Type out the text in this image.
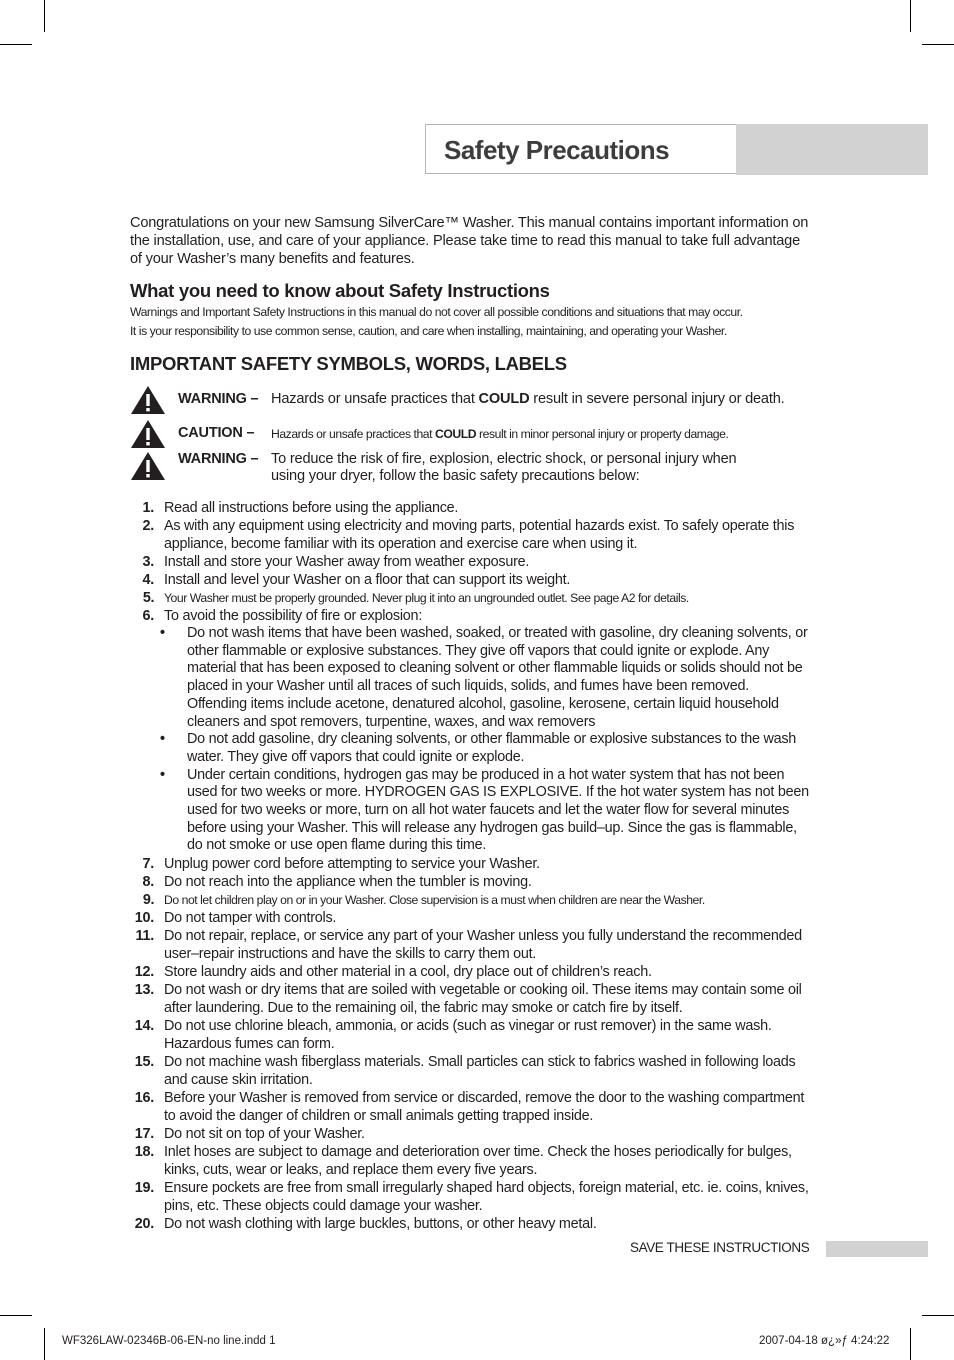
Safety Precautions
Congratulations on your new Samsung SilverCare™ Washer. This manual contains important information on the installation, use, and care of your appliance. Please take time to read this manual to take full advantage of your Washer’s many benefits and features.
What you need to know about Safety Instructions
Warnings and Important Safety Instructions in this manual do not cover all possible conditions and situations that may occur.
It is your responsibility to use common sense, caution, and care when installing, maintaining, and operating your Washer.
IMPORTANT SAFETY SYMBOLS, WORDS, LABELS
WARNING – Hazards or unsafe practices that COULD result in severe personal injury or death.
CAUTION – Hazards or unsafe practices that COULD result in minor personal injury or property damage.
WARNING – To reduce the risk of fire, explosion, electric shock, or personal injury when
using your dryer, follow the basic safety precautions below:
1. Read all instructions before using the appliance.
2. As with any equipment using electricity and moving parts, potential hazards exist. To safely operate this appliance, become familiar with its operation and exercise care when using it.
3. Install and store your Washer away from weather exposure.
4. Install and level your Washer on a floor that can support its weight.
5. Your Washer must be properly grounded. Never plug it into an ungrounded outlet. See page A2 for details.
6. To avoid the possibility of fire or explosion:
• Do not wash items that have been washed, soaked, or treated with gasoline, dry cleaning solvents, or other flammable or explosive substances. They give off vapors that could ignite or explode. Any material that has been exposed to cleaning solvent or other flammable liquids or solids should not be placed in your Washer until all traces of such liquids, solids, and fumes have been removed. Offending items include acetone, denatured alcohol, gasoline, kerosene, certain liquid household cleaners and spot removers, turpentine, waxes, and wax removers
• Do not add gasoline, dry cleaning solvents, or other flammable or explosive substances to the wash water. They give off vapors that could ignite or explode.
• Under certain conditions, hydrogen gas may be produced in a hot water system that has not been used for two weeks or more. HYDROGEN GAS IS EXPLOSIVE. If the hot water system has not been used for two weeks or more, turn on all hot water faucets and let the water flow for several minutes before using your Washer. This will release any hydrogen gas build–up. Since the gas is flammable, do not smoke or use open flame during this time.
7. Unplug power cord before attempting to service your Washer.
8. Do not reach into the appliance when the tumbler is moving.
9. Do not let children play on or in your Washer. Close supervision is a must when children are near the Washer.
10. Do not tamper with controls.
11. Do not repair, replace, or service any part of your Washer unless you fully understand the recommended user–repair instructions and have the skills to carry them out.
12. Store laundry aids and other material in a cool, dry place out of children’s reach.
13. Do not wash or dry items that are soiled with vegetable or cooking oil. These items may contain some oil after laundering. Due to the remaining oil, the fabric may smoke or catch fire by itself.
14. Do not use chlorine bleach, ammonia, or acids (such as vinegar or rust remover) in the same wash. Hazardous fumes can form.
15. Do not machine wash fiberglass materials. Small particles can stick to fabrics washed in following loads and cause skin irritation.
16. Before your Washer is removed from service or discarded, remove the door to the washing compartment to avoid the danger of children or small animals getting trapped inside.
17. Do not sit on top of your Washer.
18. Inlet hoses are subject to damage and deterioration over time. Check the hoses periodically for bulges, kinks, cuts, wear or leaks, and replace them every five years.
19. Ensure pockets are free from small irregularly shaped hard objects, foreign material, etc. ie. coins, knives, pins, etc. These objects could damage your washer.
20. Do not wash clothing with large buckles, buttons, or other heavy metal.
SAVE THESE INSTRUCTIONS
WF326LAW-02346B-06-EN-no line.indd 1	2007-04-18 ø¿»ƒ 4:24:22
